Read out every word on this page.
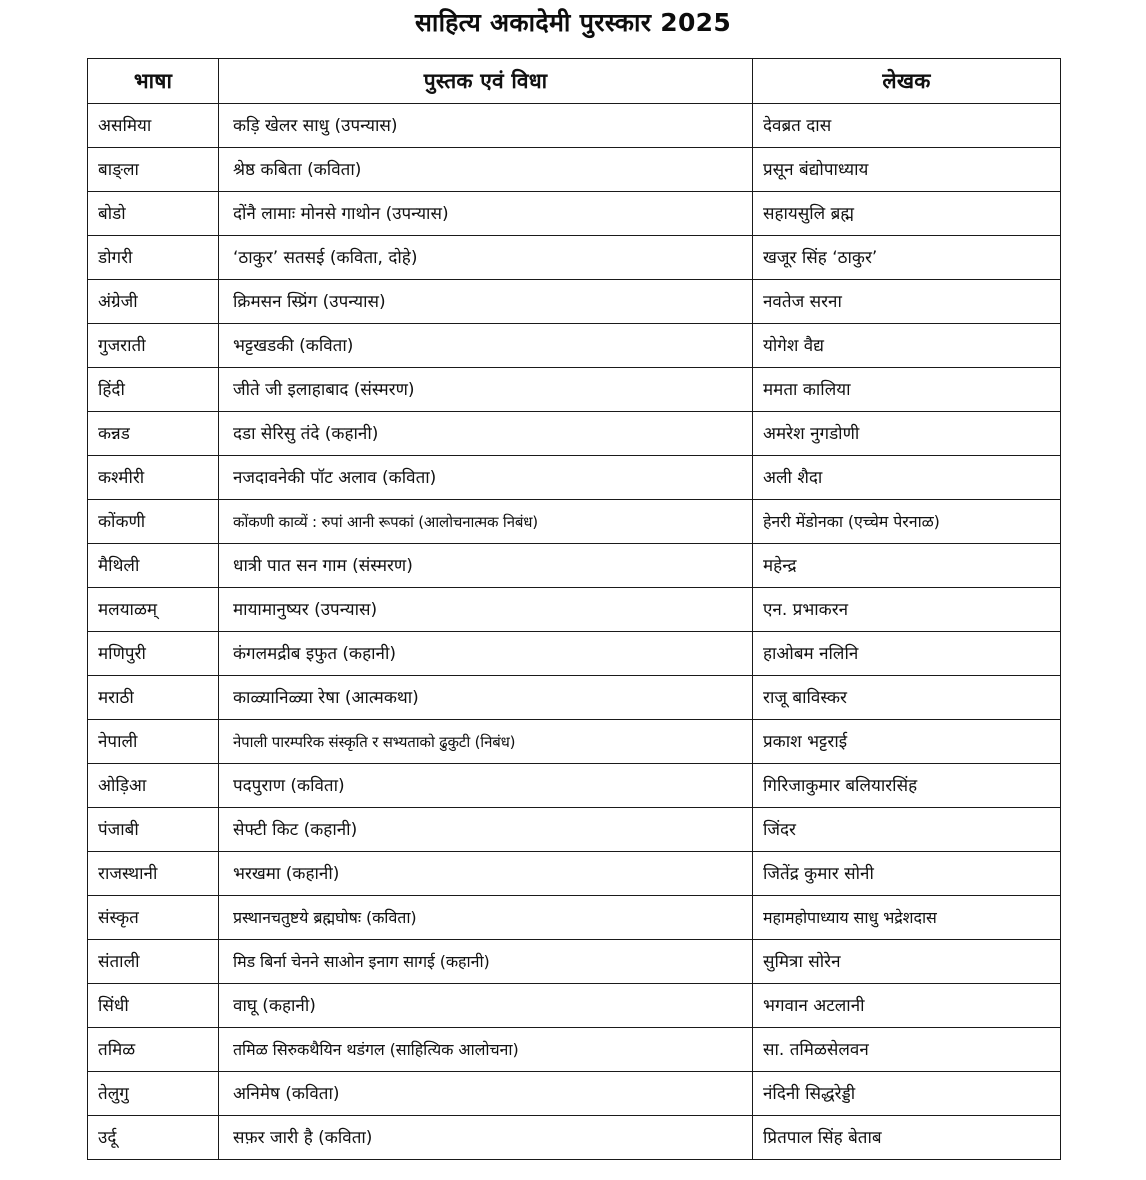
साहित्य अकादेमी पुरस्कार 2025
भाषा	पुस्तक एवं विधा	लेखक
असमिया	कड़ि खेलर साधु (उपन्यास)	देवब्रत दास
बाङ्ला	श्रेष्ठ कबिता (कविता)	प्रसून बंद्योपाध्याय
बोडो	दोंनै लामाः मोनसे गाथोन (उपन्यास)	सहायसुलि ब्रह्म
डोगरी	‘ठाकुर’ सतसई (कविता, दोहे)	खजूर सिंह ‘ठाकुर’
अंग्रेजी	क्रिमसन स्प्रिंग (उपन्यास)	नवतेज सरना
गुजराती	भट्टखडकी (कविता)	योगेश वैद्य
हिंदी	जीते जी इलाहाबाद (संस्मरण)	ममता कालिया
कन्नड	दडा सेरिसु तंदे (कहानी)	अमरेश नुगडोणी
कश्मीरी	नजदावनेकी पॉट अलाव (कविता)	अली शैदा
कोंकणी	कोंकणी काव्यें : रुपां आनी रूपकां (आलोचनात्मक निबंध)	हेनरी मेंडोनका (एच्चेम पेरनाळ)
मैथिली	धात्री पात सन गाम (संस्मरण)	महेन्द्र
मलयाळम्	मायामानुष्यर (उपन्यास)	एन. प्रभाकरन
मणिपुरी	कंगलमद्रीब इफुत (कहानी)	हाओबम नलिनि
मराठी	काळ्यानिळ्या रेषा (आत्मकथा)	राजू बाविस्कर
नेपाली	नेपाली पारम्परिक संस्कृति र सभ्यताको ढुकुटी (निबंध)	प्रकाश भट्टराई
ओड़िआ	पदपुराण (कविता)	गिरिजाकुमार बलियारसिंह
पंजाबी	सेफ्टी किट (कहानी)	जिंदर
राजस्थानी	भरखमा (कहानी)	जितेंद्र कुमार सोनी
संस्कृत	प्रस्थानचतुष्टये ब्रह्मघोषः (कविता)	महामहोपाध्याय साधु भद्रेशदास
संताली	मिड बिर्ना चेनने साओन इनाग सागई (कहानी)	सुमित्रा सोरेन
सिंधी	वाघू (कहानी)	भगवान अटलानी
तमिळ	तमिळ सिरुकथैयिन थडंगल (साहित्यिक आलोचना)	सा. तमिळसेलवन
तेलुगु	अनिमेष (कविता)	नंदिनी सिद्धरेड्डी
उर्दू	सफ़र जारी है (कविता)	प्रितपाल सिंह बेताब
